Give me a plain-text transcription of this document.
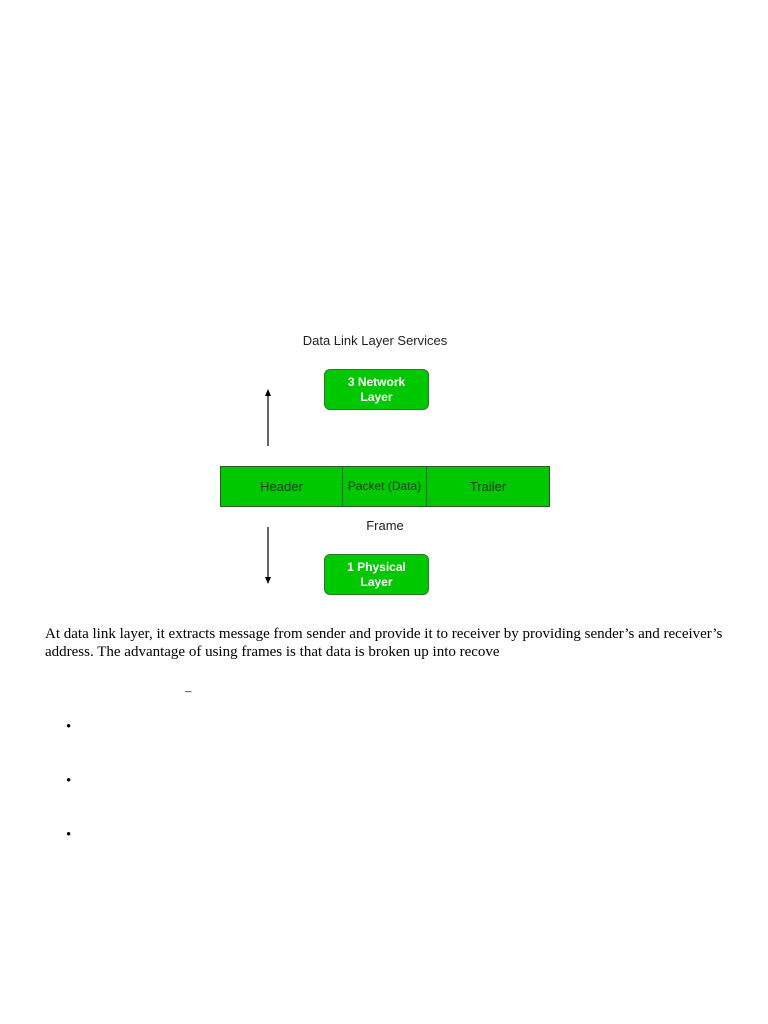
Data Link Layer Services
3 Network Layer
Header	Packet (Data)	Trailer
Frame
1 Physical Layer

At data link layer, it extracts message from sender and provide it to receiver by providing sender’s and receiver’s address. The advantage of using frames is that data is broken up into recove

–
•
•
•
